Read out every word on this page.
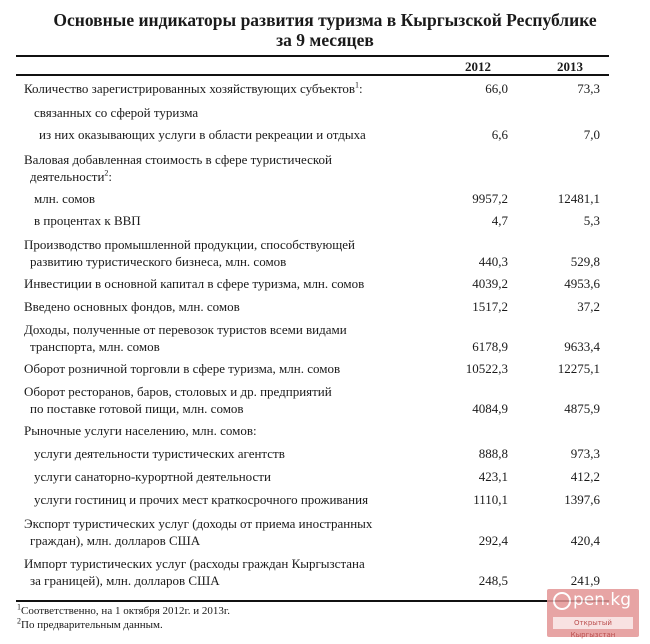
Основные индикаторы развития туризма в Кыргызской Республике
за 9 месяцев
2012	2013
Количество зарегистрированных хозяйствующих субъектов$^1$:	66,0	73,3
связанных со сферой туризма
из них оказывающих услуги в области рекреации и отдыха	6,6	7,0
Валовая добавленная стоимость в сфере туристической
деятельности$^2$:
млн. сомов	9957,2	12481,1
в процентах к ВВП	4,7	5,3
Производство промышленной продукции, способствующей
развитию туристического бизнеса, млн. сомов	440,3	529,8
Инвестиции в основной капитал в сфере туризма, млн. сомов	4039,2	4953,6
Введено основных фондов, млн. сомов	1517,2	37,2
Доходы, полученные от перевозок туристов всеми видами
транспорта, млн. сомов	6178,9	9633,4
Оборот розничной торговли в сфере туризма, млн. сомов	10522,3	12275,1
Оборот ресторанов, баров, столовых и др. предприятий
по поставке готовой пищи, млн. сомов	4084,9	4875,9
Рыночные услуги населению, млн. сомов:
услуги деятельности туристических агентств	888,8	973,3
услуги санаторно-курортной деятельности	423,1	412,2
услуги гостиниц и прочих мест краткосрочного проживания	1110,1	1397,6
Экспорт туристических услуг (доходы от приема иностранных
граждан), млн. долларов США	292,4	420,4
Импорт туристических услуг (расходы граждан Кыргызстана
за границей), млн. долларов США	248,5	241,9
$^1$Соответственно, на 1 октября 2012г. и 2013г.
$^2$По предварительным данным.
pen.kg
Открытый Кыргызстан
